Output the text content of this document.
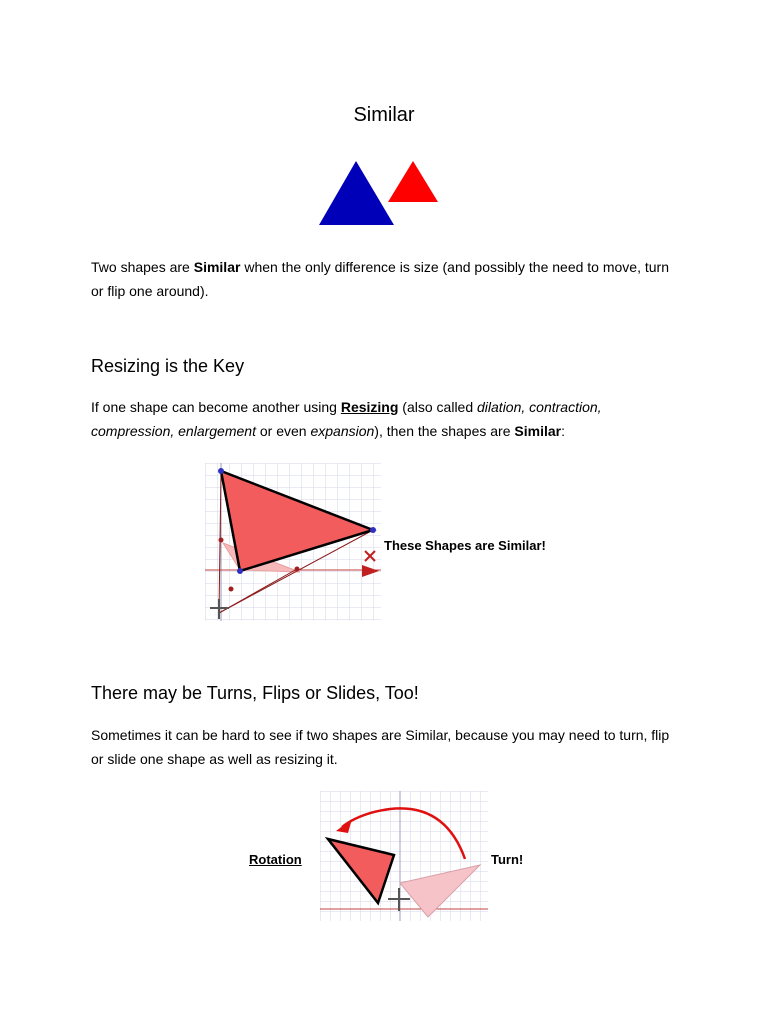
Similar

Two shapes are Similar when the only difference is size (and possibly the need to move, turn or flip one around).

Resizing is the Key

If one shape can become another using Resizing (also called dilation, contraction, compression, enlargement or even expansion), then the shapes are Similar:

These Shapes are Similar!
There may be Turns, Flips or Slides, Too!

Sometimes it can be hard to see if two shapes are Similar, because you may need to turn, flip or slide one shape as well as resizing it.

Rotation	Turn!
